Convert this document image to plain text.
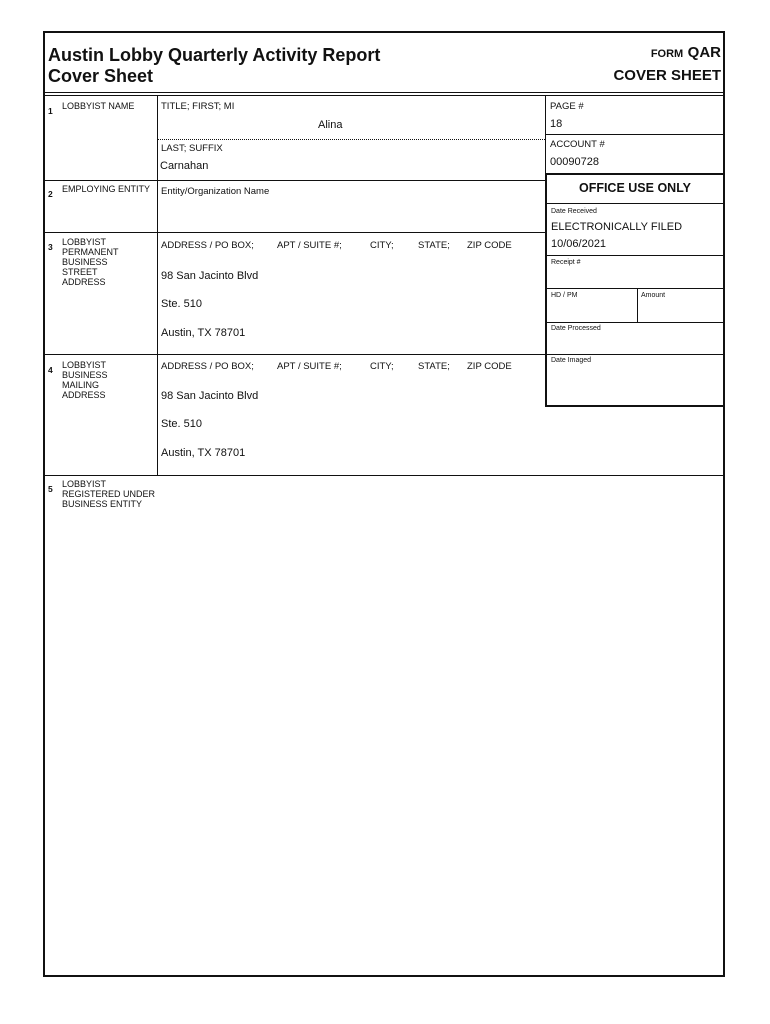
Austin Lobby Quarterly Activity Report
Cover Sheet
FORM QAR
COVER SHEET
1 LOBBYIST NAME	TITLE; FIRST; MI
Alina
LAST; SUFFIX
Carnahan
PAGE #
18
ACCOUNT #
00090728
2 EMPLOYING ENTITY Entity/Organization Name
3 LOBBYIST PERMANENT BUSINESS STREET ADDRESS
ADDRESS / PO BOX; APT / SUITE #;	CITY;	STATE; ZIP CODE
98 San Jacinto Blvd
Ste. 510
Austin, TX 78701
4 LOBBYIST BUSINESS MAILING ADDRESS
ADDRESS / PO BOX; APT / SUITE #;	CITY;	STATE; ZIP CODE
98 San Jacinto Blvd
Ste. 510
Austin, TX 78701
5 LOBBYIST REGISTERED UNDER BUSINESS ENTITY
OFFICE USE ONLY
Date Received
ELECTRONICALLY FILED
10/06/2021
Receipt #
HD / PM	Amount
Date Processed
Date Imaged
